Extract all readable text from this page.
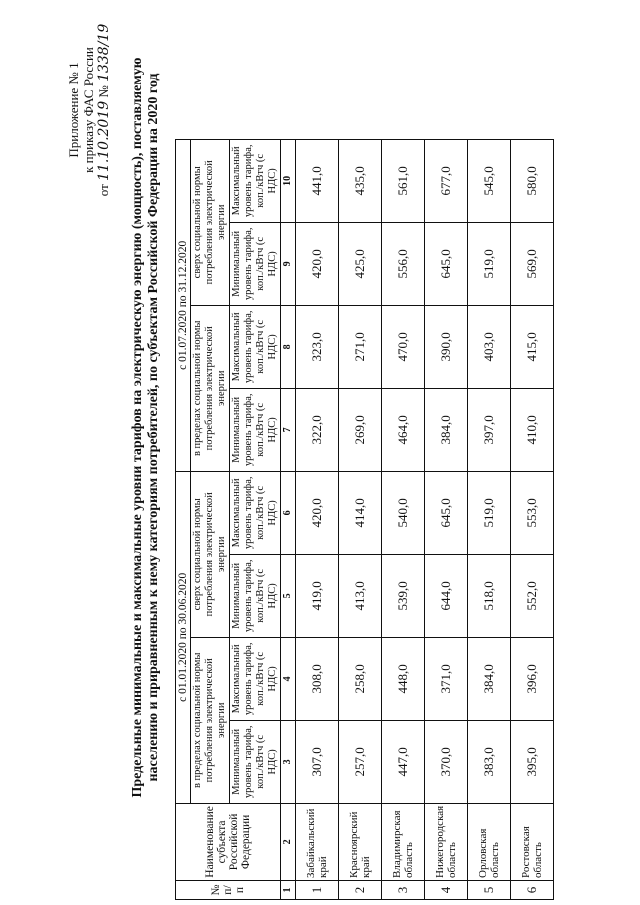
Приложение № 1 к приказу ФАС России
от 11.10.2019 № 1338/19
Предельные минимальные и максимальные уровни тарифов на электрическую энергию (мощность), поставляемую населению и приравненным к нему категориям потребителей, по субъектам Российской Федерации на 2020 год
№ п/п	Наименование субъекта Российской Федерации	с 01.01.2020 по 30.06.2020				с 01.07.2020 по 31.12.2020			
		в пределах социальной нормы потребления электрической энергии		сверх социальной нормы потребления электрической энергии		в пределах социальной нормы потребления электрической энергии		сверх социальной нормы потребления электрической энергии	
		Минимальный уровень тарифа, коп./кВтч (с НДС)	Максимальный уровень тарифа, коп./кВтч (с НДС)	Минимальный уровень тарифа, коп./кВтч (с НДС)	Максимальный уровень тарифа, коп./кВтч (с НДС)	Минимальный уровень тарифа, коп./кВтч (с НДС)	Максимальный уровень тарифа, коп./кВтч (с НДС)	Минимальный уровень тарифа, коп./кВтч (с НДС)	Максимальный уровень тарифа, коп./кВтч (с НДС)
1	2	3	4	5	6	7	8	9	10
1	Забайкальский край	307,0	308,0	419,0	420,0	322,0	323,0	420,0	441,0
2	Красноярский край	257,0	258,0	413,0	414,0	269,0	271,0	425,0	435,0
3	Владимирская область	447,0	448,0	539,0	540,0	464,0	470,0	556,0	561,0
4	Нижегородская область	370,0	371,0	644,0	645,0	384,0	390,0	645,0	677,0
5	Орловская область	383,0	384,0	518,0	519,0	397,0	403,0	519,0	545,0
6	Ростовская область	395,0	396,0	552,0	553,0	410,0	415,0	569,0	580,0
